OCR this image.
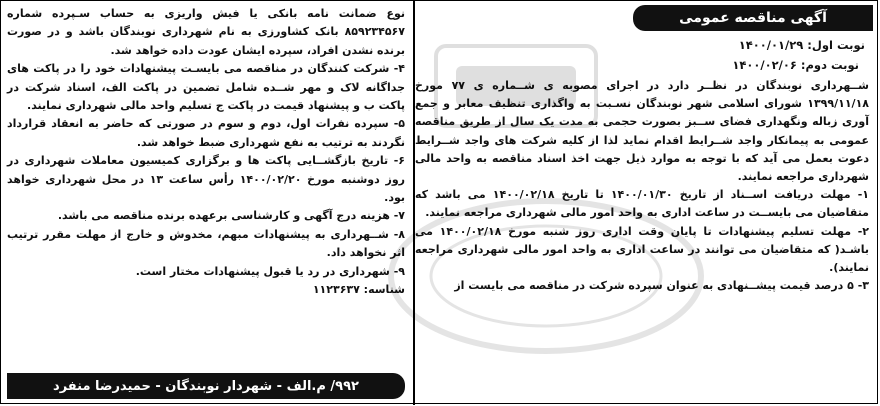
آگهی مناقصه عمومی
نوبت اول: ۱۴۰۰/۰۱/۲۹
نوبت دوم: ۱۴۰۰/۰۲/۰۶

شــهرداری نوبندگان در نظــر دارد در اجرای مصوبه ی شــماره ی ۷۷ مورخ ۱۳۹۹/۱۱/۱۸ شورای اسلامی شهر نوبندگان نسـبت به واگذاری تنظیف معابر و جمع آوری زباله ونگهداری فضای ســبز بصورت حجمی به مدت یک سال از طریق مناقصه عمومی به پیمانکار واجد شــرایط اقدام نماید لذا از کلیه شرکت های واجد شــرایط دعوت بعمل می آید که با توجه به موارد ذیل جهت اخذ اسناد مناقصه به واحد مالی شهرداری مراجعه نمایند.

۱- مهلت دریافت اســناد از تاریخ ۱۴۰۰/۰۱/۳۰ تا تاریخ ۱۴۰۰/۰۲/۱۸ می باشد که متقاضیان می بایســت در ساعت اداری به واحد امور مالی شهرداری مراجعه نمایند.

۲- مهلت تسلیم پیشنهادات تا پایان وقت اداری روز شنبه مورخ ۱۴۰۰/۰۲/۱۸ می باشـد( که متقاضیان می توانند در ساعت اداری به واحد امور مالی شهرداری مراجعه نمایند).

۳- ۵ درصد قیمت پیشــنهادی به عنوان سپرده شرکت در مناقصه می بایست از

نوع ضمانت نامه بانکی یا فیش واریزی به حساب سـپرده شماره ۸۵۹۲۳۴۵۶۷ بانک کشاورزی به نام شهرداری نوبندگان باشد و در صورت برنده نشدن افراد، سپرده ایشان عودت داده خواهد شد.

۴- شرکت کنندگان در مناقصه می بایسـت پیشنهادات خود را در پاکت های جداگانه لاک و مهر شــده شامل تضمین در پاکت الف، اسناد شرکت در پاکت ب و پیشنهاد قیمت در پاکت ج تسلیم واحد مالی شهرداری نمایند.

۵- سپرده نفرات اول، دوم و سوم در صورتی که حاضر به انعقاد قرارداد نگردند به ترتیب به نفع شهرداری ضبط خواهد شد.

۶- تاریخ بازگشــایی پاکت ها و برگزاری کمیسیون معاملات شهرداری در روز دوشنبه مورخ ۱۴۰۰/۰۲/۲۰ رأس ساعت ۱۳ در محل شهرداری خواهد بود.

۷- هزینه درج آگهی و کارشناسی برعهده برنده مناقصه می باشد.

۸- شــهرداری به پیشنهادات مبهم، مخدوش و خارج از مهلت مقرر ترتیب اثر نخواهد داد.

۹- شهرداری در رد یا قبول پیشنهادات مختار است.

شناسه: ۱۱۲۳۶۳۷

۹۹۲/ م.الف - شهردار نوبندگان - حمیدرضا منفرد
